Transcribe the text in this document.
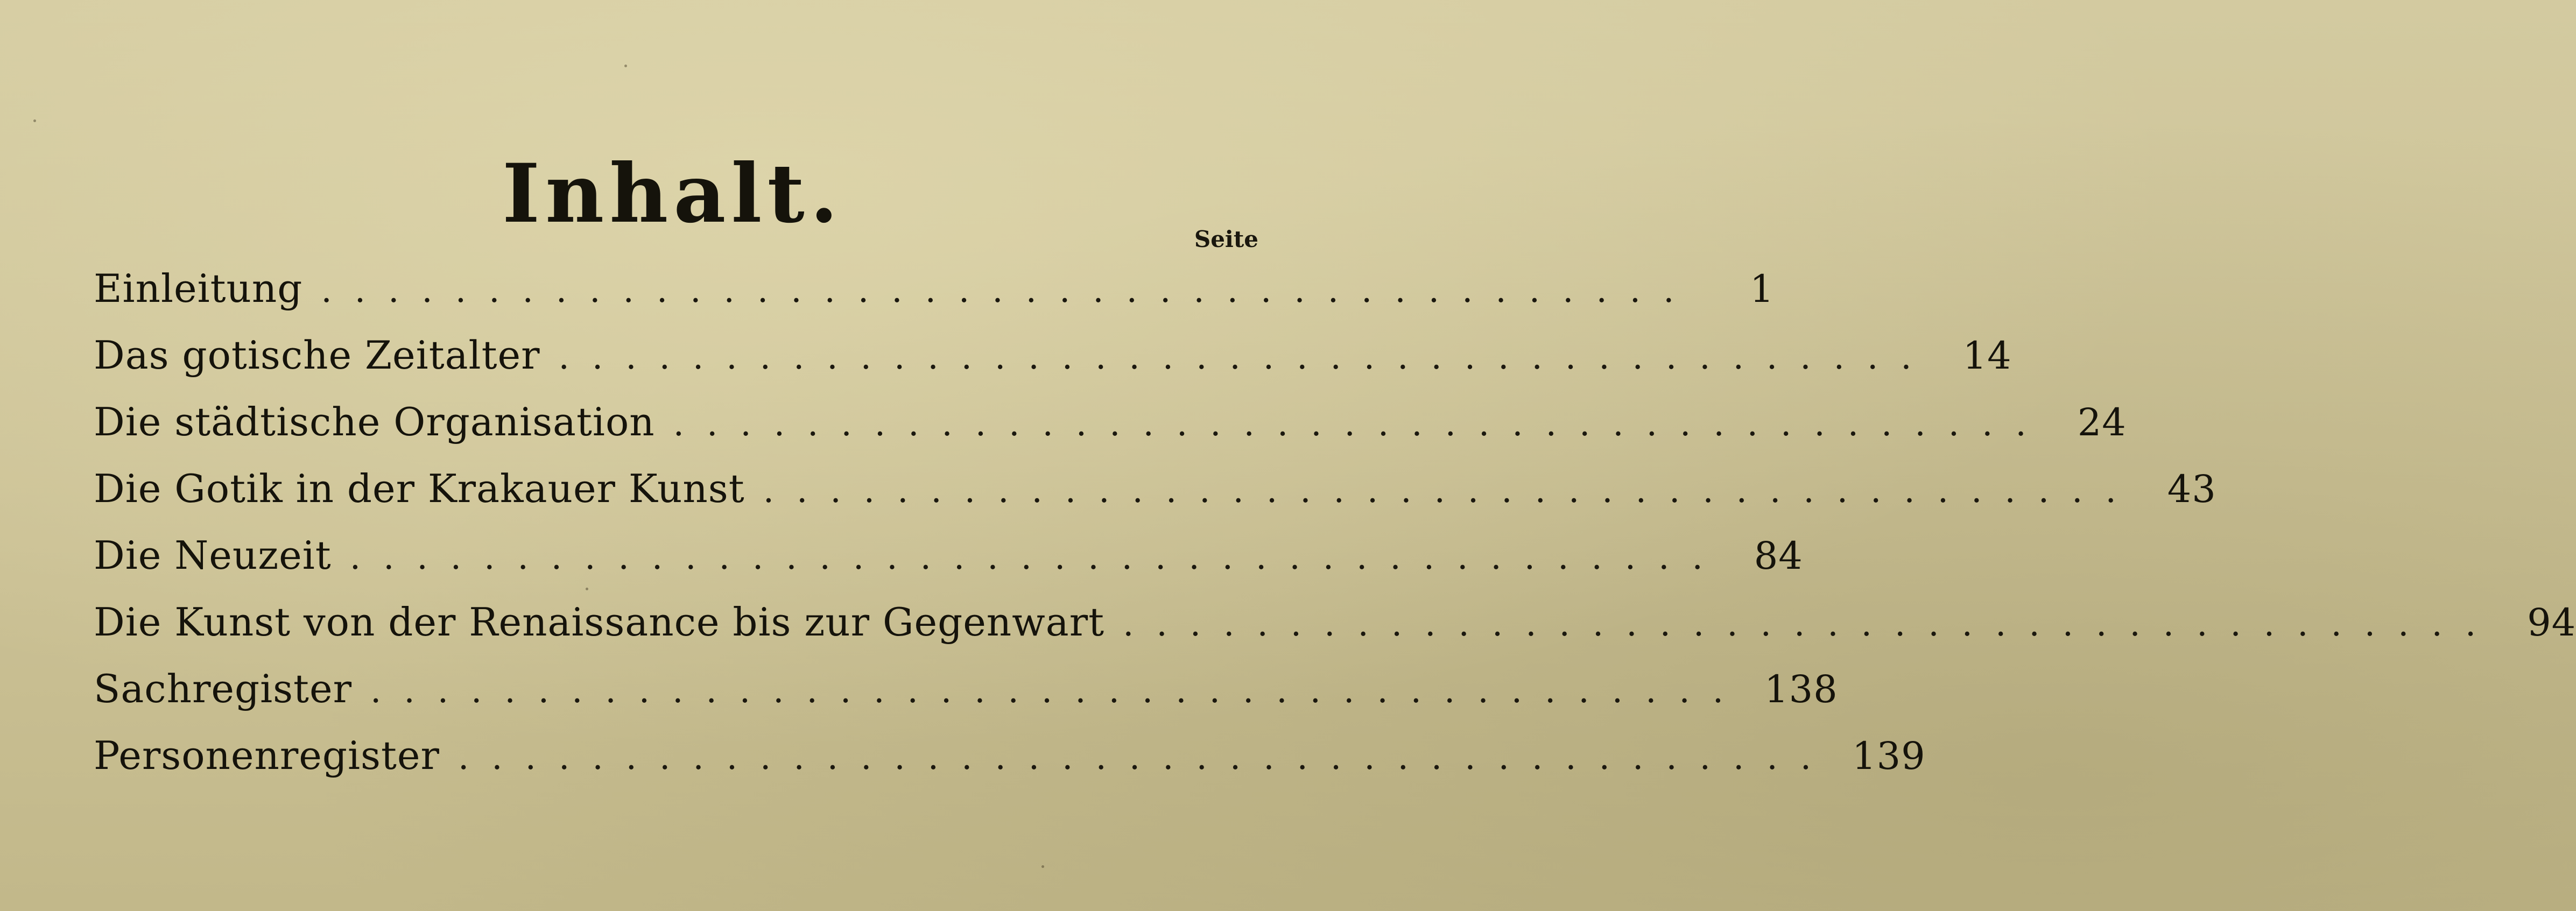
Inhalt.	Seite
Einleitung .........................................	1
Das gotische Zeitalter ......................................... 14
Die städtische Organisation ......................................... 24
Die Gotik in der Krakauer Kunst ......................................... 43
Die Neuzeit ......................................... 84
Die Kunst von der Renaissance bis zur Gegenwart ......................................... 94
Sachregister ......................................... 138
Personenregister ......................................... 139
